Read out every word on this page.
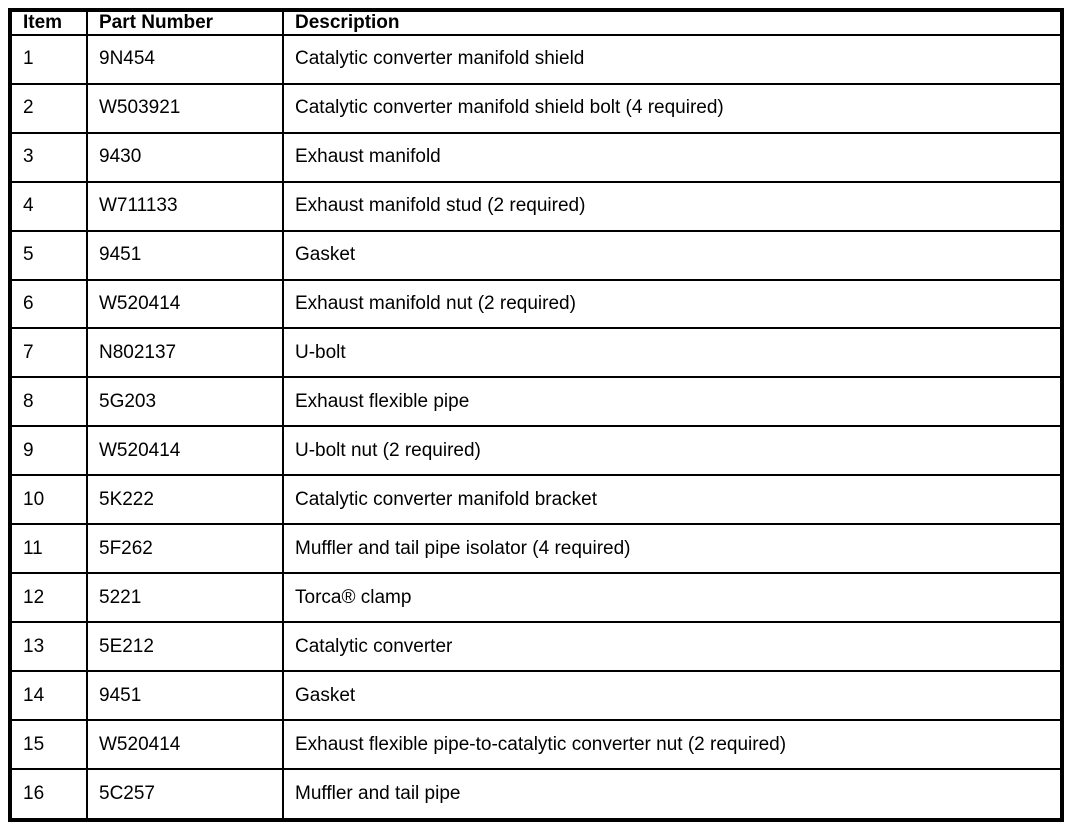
Item	Part Number	Description
1	9N454	Catalytic converter manifold shield
2	W503921	Catalytic converter manifold shield bolt (4 required)
3	9430	Exhaust manifold
4	W711133	Exhaust manifold stud (2 required)
5	9451	Gasket
6	W520414	Exhaust manifold nut (2 required)
7	N802137	U-bolt
8	5G203	Exhaust flexible pipe
9	W520414	U-bolt nut (2 required)
10	5K222	Catalytic converter manifold bracket
11	5F262	Muffler and tail pipe isolator (4 required)
12	5221	Torca® clamp
13	5E212	Catalytic converter
14	9451	Gasket
15	W520414	Exhaust flexible pipe-to-catalytic converter nut (2 required)
16	5C257	Muffler and tail pipe
